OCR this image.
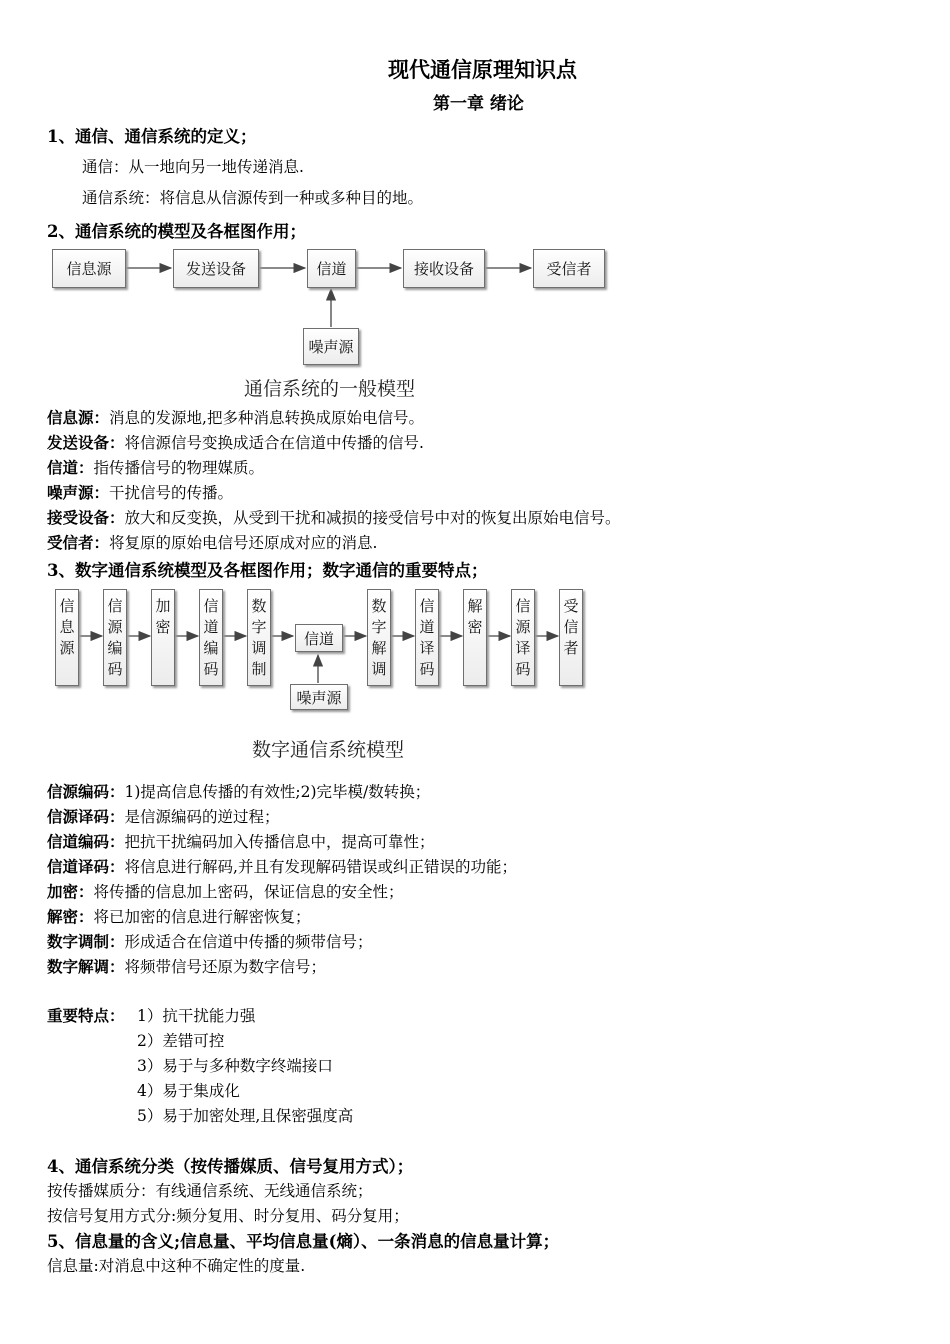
现代通信原理知识点
第一章 绪论
1、通信、通信系统的定义；
通信：从一地向另一地传递消息.
通信系统：将信息从信源传到一种或多种目的地。
2、通信系统的模型及各框图作用；
信息源	发送设备	信道	接收设备	受信者
噪声源
通信系统的一般模型
信息源：消息的发源地,把多种消息转换成原始电信号。
发送设备：将信源信号变换成适合在信道中传播的信号.
信道：指传播信号的物理媒质。
噪声源：干扰信号的传播。
接受设备：放大和反变换，从受到干扰和减损的接受信号中对的恢复出原始电信号。
受信者：将复原的原始电信号还原成对应的消息.
3、数字通信系统模型及各框图作用；数字通信的重要特点；
信
息
源
信
源
编
码
加
密
信
道
编
码
数
字
调
制
信道
数
字
解
调
信
道
译
码
解
密
信
源
译
码
受
信
者
噪声源
数字通信系统模型
信源编码：1)提高信息传播的有效性;2)完毕模/数转换；
信源译码：是信源编码的逆过程；
信道编码：把抗干扰编码加入传播信息中，提高可靠性；
信道译码：将信息进行解码,并且有发现解码错误或纠正错误的功能；
加密：将传播的信息加上密码，保证信息的安全性；
解密：将已加密的信息进行解密恢复；
数字调制：形成适合在信道中传播的频带信号；
数字解调：将频带信号还原为数字信号；
重要特点： 1）抗干扰能力强
2）差错可控
3）易于与多种数字终端接口
4）易于集成化
5）易于加密处理,且保密强度高
4、通信系统分类（按传播媒质、信号复用方式）；
按传播媒质分：有线通信系统、无线通信系统；
按信号复用方式分:频分复用、时分复用、码分复用；
5、信息量的含义;信息量、平均信息量(熵）、一条消息的信息量计算；
信息量:对消息中这种不确定性的度量.
